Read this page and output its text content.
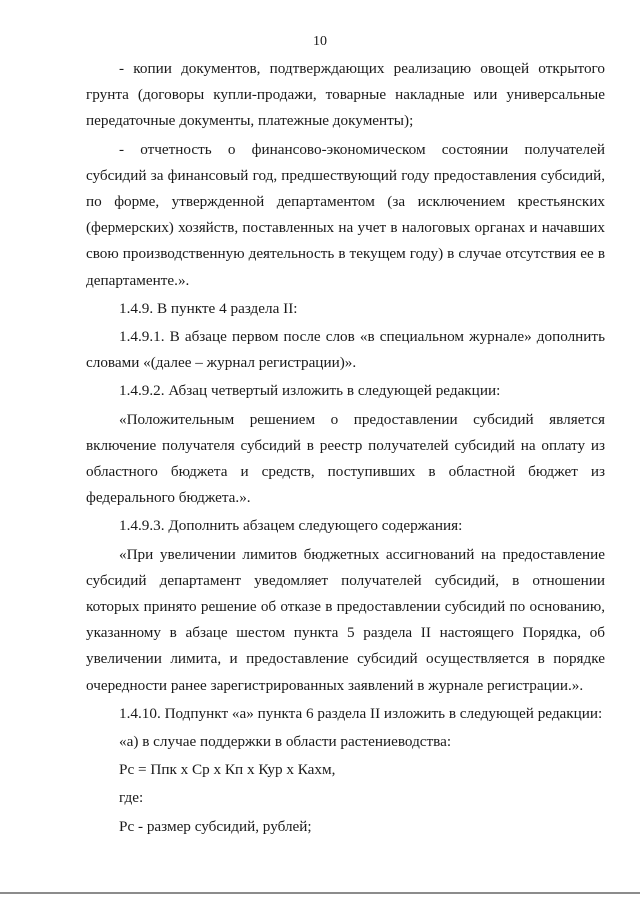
10

- копии документов, подтверждающих реализацию овощей открытого грунта (договоры купли-продажи, товарные накладные или универсальные передаточные документы, платежные документы);

- отчетность о финансово-экономическом состоянии получателей субсидий за финансовый год, предшествующий году предоставления субсидий, по форме, утвержденной департаментом (за исключением крестьянских (фермерских) хозяйств, поставленных на учет в налоговых органах и начавших свою производственную деятельность в текущем году) в случае отсутствия ее в департаменте.».

1.4.9. В пункте 4 раздела II:

1.4.9.1. В абзаце первом после слов «в специальном журнале» дополнить словами «(далее – журнал регистрации)».

1.4.9.2. Абзац четвертый изложить в следующей редакции:

«Положительным решением о предоставлении субсидий является включение получателя субсидий в реестр получателей субсидий на оплату из областного бюджета и средств, поступивших в областной бюджет из федерального бюджета.».

1.4.9.3. Дополнить абзацем следующего содержания:

«При увеличении лимитов бюджетных ассигнований на предоставление субсидий департамент уведомляет получателей субсидий, в отношении которых принято решение об отказе в предоставлении субсидий по основанию, указанному в абзаце шестом пункта 5 раздела II настоящего Порядка, об увеличении лимита, и предоставление субсидий осуществляется в порядке очередности ранее зарегистрированных заявлений в журнале регистрации.».

1.4.10. Подпункт «а» пункта 6 раздела II изложить в следующей редакции:

«а) в случае поддержки в области растениеводства:

Рс = Ппк х Ср х Кп х Кур х Кахм,

где:

Рс - размер субсидий, рублей;
